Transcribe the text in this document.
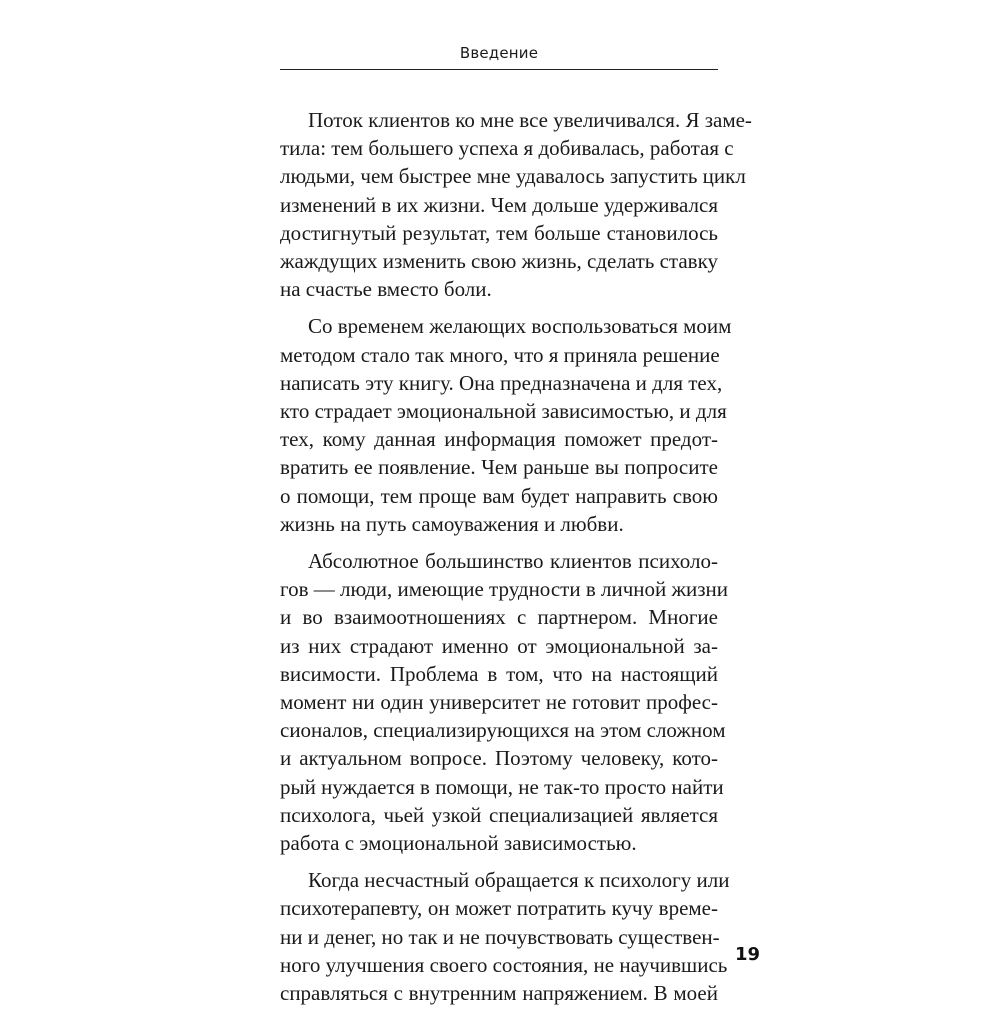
Введение

Поток клиентов ко мне все увеличивался. Я заме-
тила: тем большего успеха я добивалась, работая с
людьми, чем быстрее мне удавалось запустить цикл
изменений в их жизни. Чем дольше удерживался
достигнутый результат, тем больше становилось
жаждущих изменить свою жизнь, сделать ставку
на счастье вместо боли.

Со временем желающих воспользоваться моим
методом стало так много, что я приняла решение
написать эту книгу. Она предназначена и для тех,
кто страдает эмоциональной зависимостью, и для
тех, кому данная информация поможет предот-
вратить ее появление. Чем раньше вы попросите
о помощи, тем проще вам будет направить свою
жизнь на путь самоуважения и любви.

Абсолютное большинство клиентов психоло-
гов — люди, имеющие трудности в личной жизни
и во взаимоотношениях с партнером. Многие
из них страдают именно от эмоциональной за-
висимости. Проблема в том, что на настоящий
момент ни один университет не готовит профес-
сионалов, специализирующихся на этом сложном
и актуальном вопросе. Поэтому человеку, кото-
рый нуждается в помощи, не так-то просто найти
психолога, чьей узкой специализацией является
работа с эмоциональной зависимостью.

Когда несчастный обращается к психологу или
психотерапевту, он может потратить кучу време-
ни и денег, но так и не почувствовать существен-
ного улучшения своего состояния, не научившись
справляться с внутренним напряжением. В моей

19
